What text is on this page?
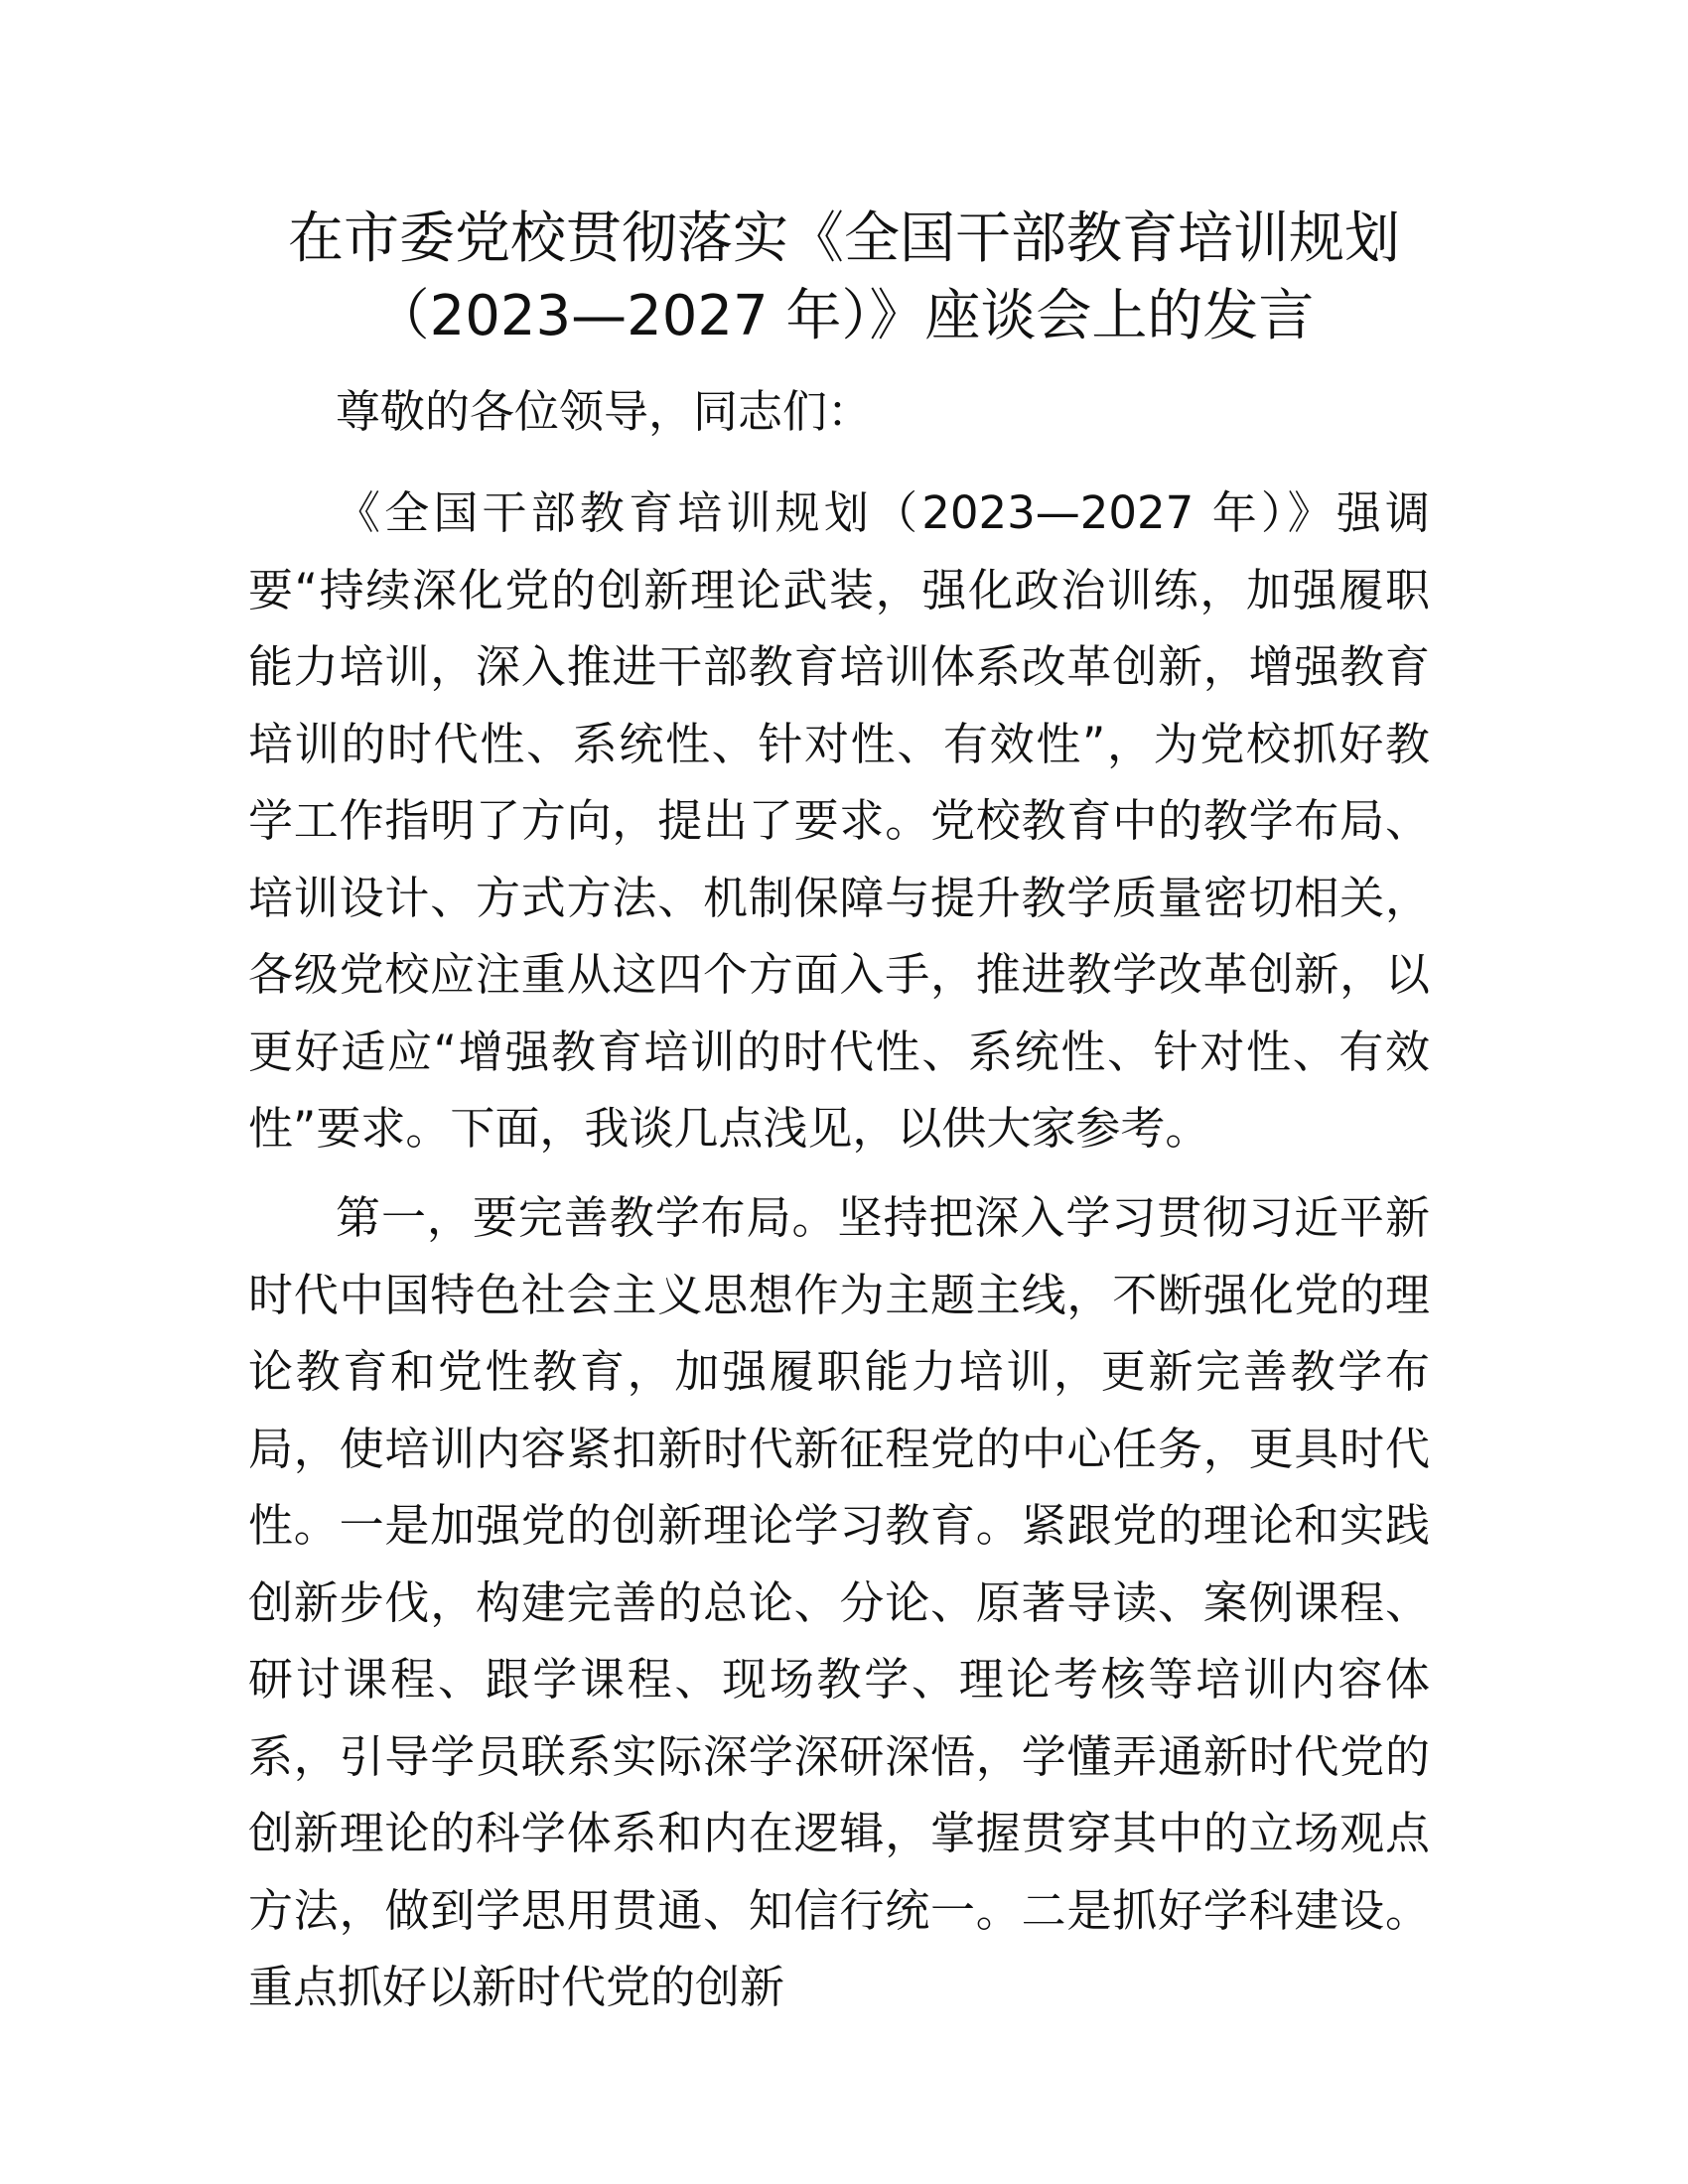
在市委党校贯彻落实《全国干部教育培训规划
（2023—2027 年）》座谈会上的发言
尊敬的各位领导，同志们：
《全国干部教育培训规划（2023—2027 年）》强调要“持续深化党的创新理论武装，强化政治训练，加强履职能力培训，深入推进干部教育培训体系改革创新，增强教育培训的时代性、系统性、针对性、有效性”，为党校抓好教学工作指明了方向，提出了要求。党校教育中的教学布局、培训设计、方式方法、机制保障与提升教学质量密切相关，各级党校应注重从这四个方面入手，推进教学改革创新，以更好适应“增强教育培训的时代性、系统性、针对性、有效性”要求。下面，我谈几点浅见，以供大家参考。
第一，要完善教学布局。坚持把深入学习贯彻习近平新时代中国特色社会主义思想作为主题主线，不断强化党的理论教育和党性教育，加强履职能力培训，更新完善教学布局，使培训内容紧扣新时代新征程党的中心任务，更具时代性。一是加强党的创新理论学习教育。紧跟党的理论和实践创新步伐，构建完善的总论、分论、原著导读、案例课程、研讨课程、跟学课程、现场教学、理论考核等培训内容体系，引导学员联系实际深学深研深悟，学懂弄通新时代党的创新理论的科学体系和内在逻辑，掌握贯穿其中的立场观点方法，做到学思用贯通、知信行统一。二是抓好学科建设。重点抓好以新时代党的创新
